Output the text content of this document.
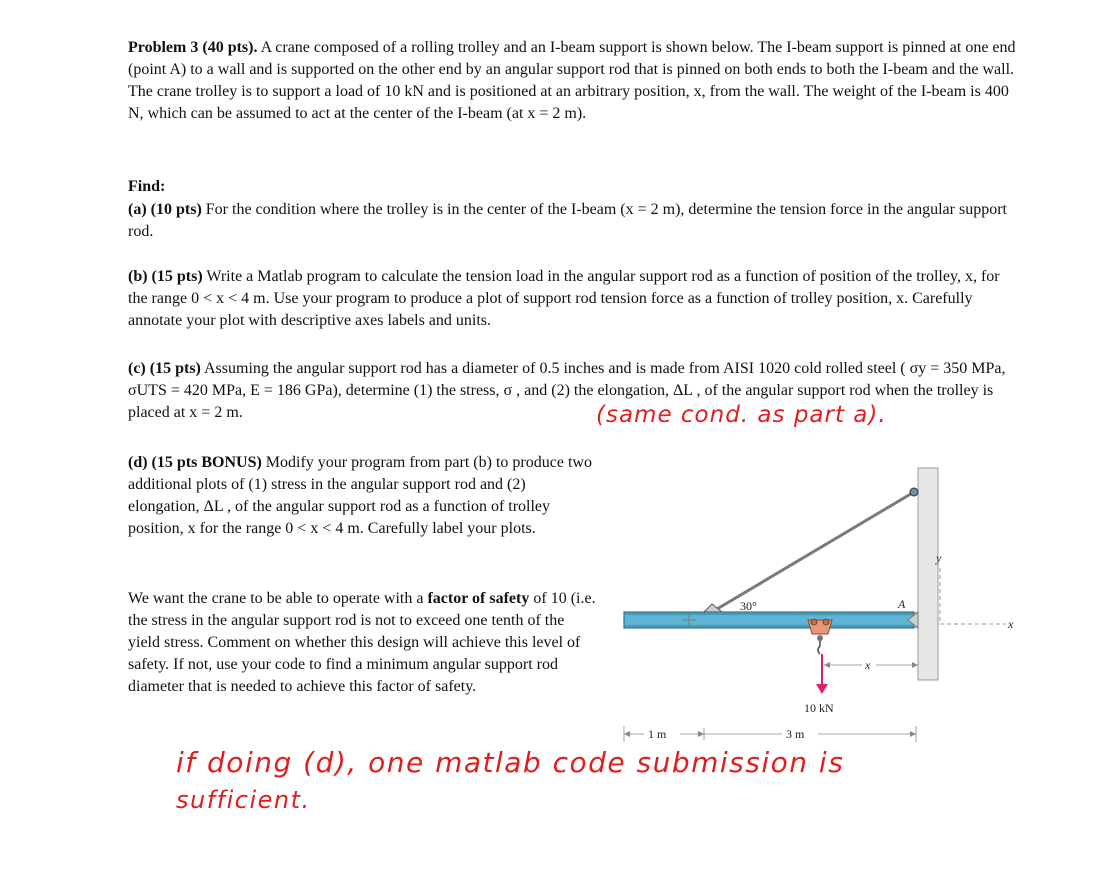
Problem 3 (40 pts). A crane composed of a rolling trolley and an I-beam support is shown below. The I-beam support is pinned at one end (point A) to a wall and is supported on the other end by an angular support rod that is pinned on both ends to both the I-beam and the wall. The crane trolley is to support a load of 10 kN and is positioned at an arbitrary position, x, from the wall. The weight of the I-beam is 400 N, which can be assumed to act at the center of the I-beam (at x = 2 m).

Find:

(a) (10 pts) For the condition where the trolley is in the center of the I-beam (x = 2 m), determine the tension force in the angular support rod.

(b) (15 pts) Write a Matlab program to calculate the tension load in the angular support rod as a function of position of the trolley, x, for the range 0 < x < 4 m. Use your program to produce a plot of support rod tension force as a function of trolley position, x. Carefully annotate your plot with descriptive axes labels and units.

(c) (15 pts) Assuming the angular support rod has a diameter of 0.5 inches and is made from AISI 1020 cold rolled steel ( σy = 350 MPa, σUTS = 420 MPa, E = 186 GPa), determine (1) the stress, σ , and (2) the elongation, ΔL , of the angular support rod when the trolley is placed at x = 2 m.	(same cond. as part a).

(d) (15 pts BONUS) Modify your program from part (b) to produce two additional plots of (1) stress in the angular support rod and (2) elongation, ΔL , of the angular support rod as a function of trolley position, x for the range 0 < x < 4 m. Carefully label your plots.

We want the crane to be able to operate with a factor of safety of 10 (i.e. the stress in the angular support rod is not to exceed one tenth of the yield stress. Comment on whether this design will achieve this level of safety. If not, use your code to find a minimum angular support rod diameter that is needed to achieve this factor of safety.

if doing (d), one matlab code submission is
sufficient.
30°	A
10 kN
x
y
x
1 m	3 m
